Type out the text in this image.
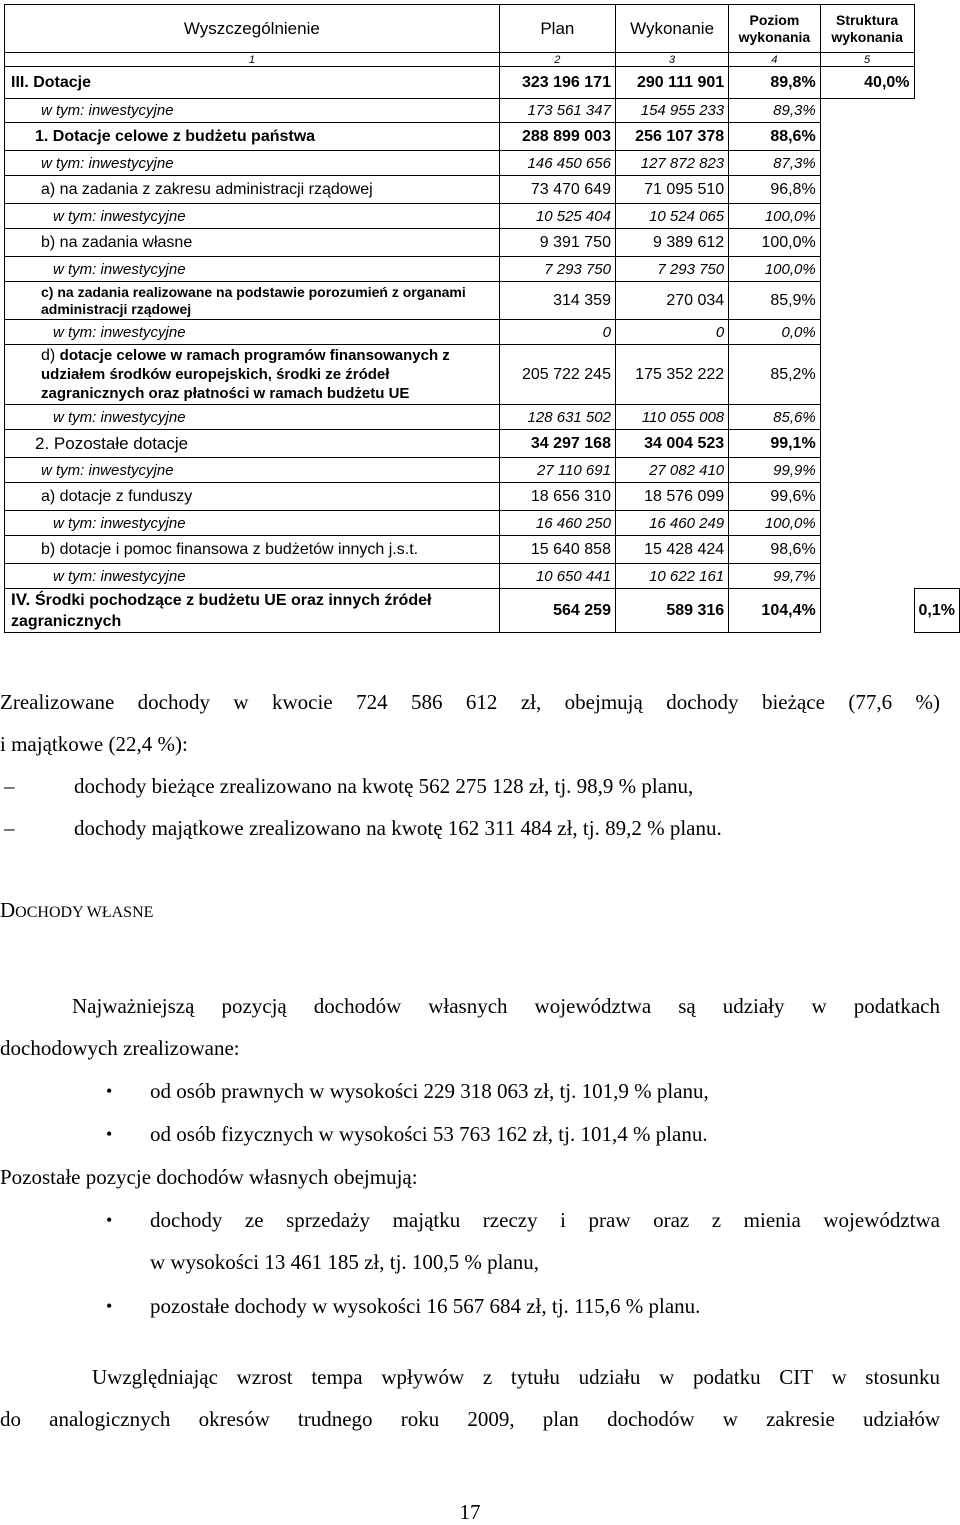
Wyszczególnienie	Plan	Wykonanie	Poziom wykonania	Struktura wykonania	
1	2	3	4	5	
III. Dotacje	323 196 171	290 111 901	89,8%	40,0%	
w tym: inwestycyjne	173 561 347	154 955 233	89,3%		
1. Dotacje celowe z budżetu państwa	288 899 003	256 107 378	88,6%		
w tym: inwestycyjne	146 450 656	127 872 823	87,3%		
a) na zadania z zakresu administracji rządowej	73 470 649	71 095 510	96,8%		
w tym: inwestycyjne	10 525 404	10 524 065	100,0%		
b) na zadania własne	9 391 750	9 389 612	100,0%		
w tym: inwestycyjne	7 293 750	7 293 750	100,0%		
c) na zadania realizowane na podstawie porozumień z organami administracji rządowej	314 359	270 034	85,9%		
w tym: inwestycyjne	0	0	0,0%		
d) dotacje celowe w ramach programów finansowanych z udziałem środków europejskich, środki ze źródeł zagranicznych oraz płatności w ramach budżetu UE	205 722 245	175 352 222	85,2%		
w tym: inwestycyjne	128 631 502	110 055 008	85,6%		
2. Pozostałe dotacje	34 297 168	34 004 523	99,1%		
w tym: inwestycyjne	27 110 691	27 082 410	99,9%		
a) dotacje z funduszy	18 656 310	18 576 099	99,6%		
w tym: inwestycyjne	16 460 250	16 460 249	100,0%		
b) dotacje i pomoc finansowa z budżetów innych j.s.t.	15 640 858	15 428 424	98,6%		
w tym: inwestycyjne	10 650 441	10 622 161	99,7%		
IV. Środki pochodzące z budżetu UE oraz innych źródeł zagranicznych	564 259	589 316	104,4%		0,1%
Zrealizowane dochody w kwocie 724 586 612 zł, obejmują dochody bieżące (77,6 %)
i majątkowe (22,4 %):
–	dochody bieżące zrealizowano na kwotę 562 275 128 zł, tj. 98,9 % planu,
–	dochody majątkowe zrealizowano na kwotę 162 311 484 zł, tj. 89,2 % planu.
DOCHODY WŁASNE
Najważniejszą pozycją dochodów własnych województwa są udziały w podatkach
dochodowych zrealizowane:
• od osób prawnych w wysokości 229 318 063 zł, tj. 101,9 % planu,
• od osób fizycznych w wysokości 53 763 162 zł, tj. 101,4 % planu.
Pozostałe pozycje dochodów własnych obejmują:
• dochody ze sprzedaży majątku rzeczy i praw oraz z mienia województwa
w wysokości 13 461 185 zł, tj. 100,5 % planu,
• pozostałe dochody w wysokości 16 567 684 zł, tj. 115,6 % planu.
Uwzględniając wzrost tempa wpływów z tytułu udziału w podatku CIT w stosunku
do analogicznych okresów trudnego roku 2009, plan dochodów w zakresie udziałów
17
